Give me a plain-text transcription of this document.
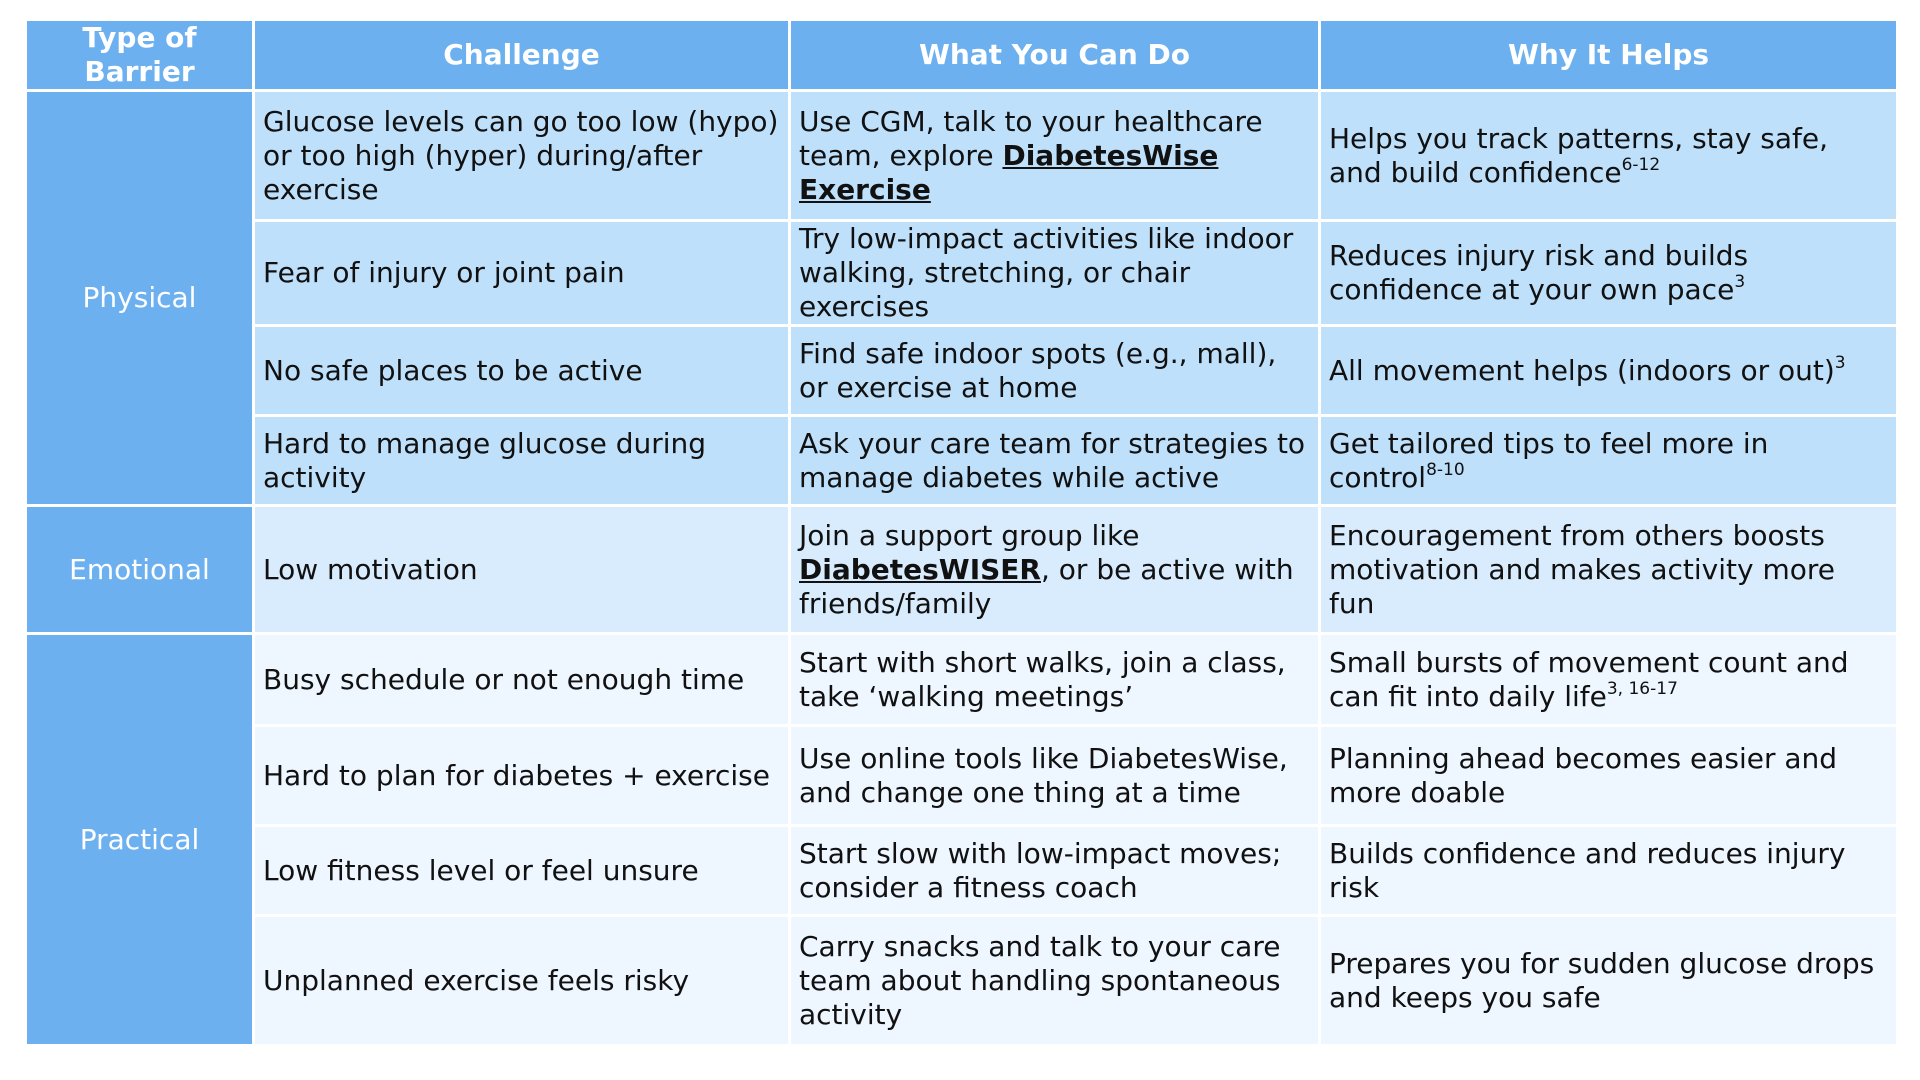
Type of Barrier	Challenge	What You Can Do	Why It Helps
Physical	Glucose levels can go too low (hypo) or too high (hyper) during/after exercise	Use CGM, talk to your healthcare team, explore DiabetesWise Exercise	Helps you track patterns, stay safe, and build confidence$^{6-12}$
	Fear of injury or joint pain	Try low-impact activities like indoor walking, stretching, or chair exercises	Reduces injury risk and builds confidence at your own pace$^3$
	No safe places to be active	Find safe indoor spots (e.g., mall), or exercise at home	All movement helps (indoors or out)$^3$
	Hard to manage glucose during activity	Ask your care team for strategies to manage diabetes while active	Get tailored tips to feel more in control$^{8-10}$
Emotional	Low motivation	Join a support group like DiabetesWISER, or be active with friends/family	Encouragement from others boosts motivation and makes activity more fun
Practical	Busy schedule or not enough time	Start with short walks, join a class, take ‘walking meetings’	Small bursts of movement count and can fit into daily life$^{3, 16-17}$
	Hard to plan for diabetes + exercise	Use online tools like DiabetesWise, and change one thing at a time	Planning ahead becomes easier and more doable
	Low fitness level or feel unsure	Start slow with low-impact moves; consider a fitness coach	Builds confidence and reduces injury risk
	Unplanned exercise feels risky	Carry snacks and talk to your care team about handling spontaneous activity	Prepares you for sudden glucose drops and keeps you safe
